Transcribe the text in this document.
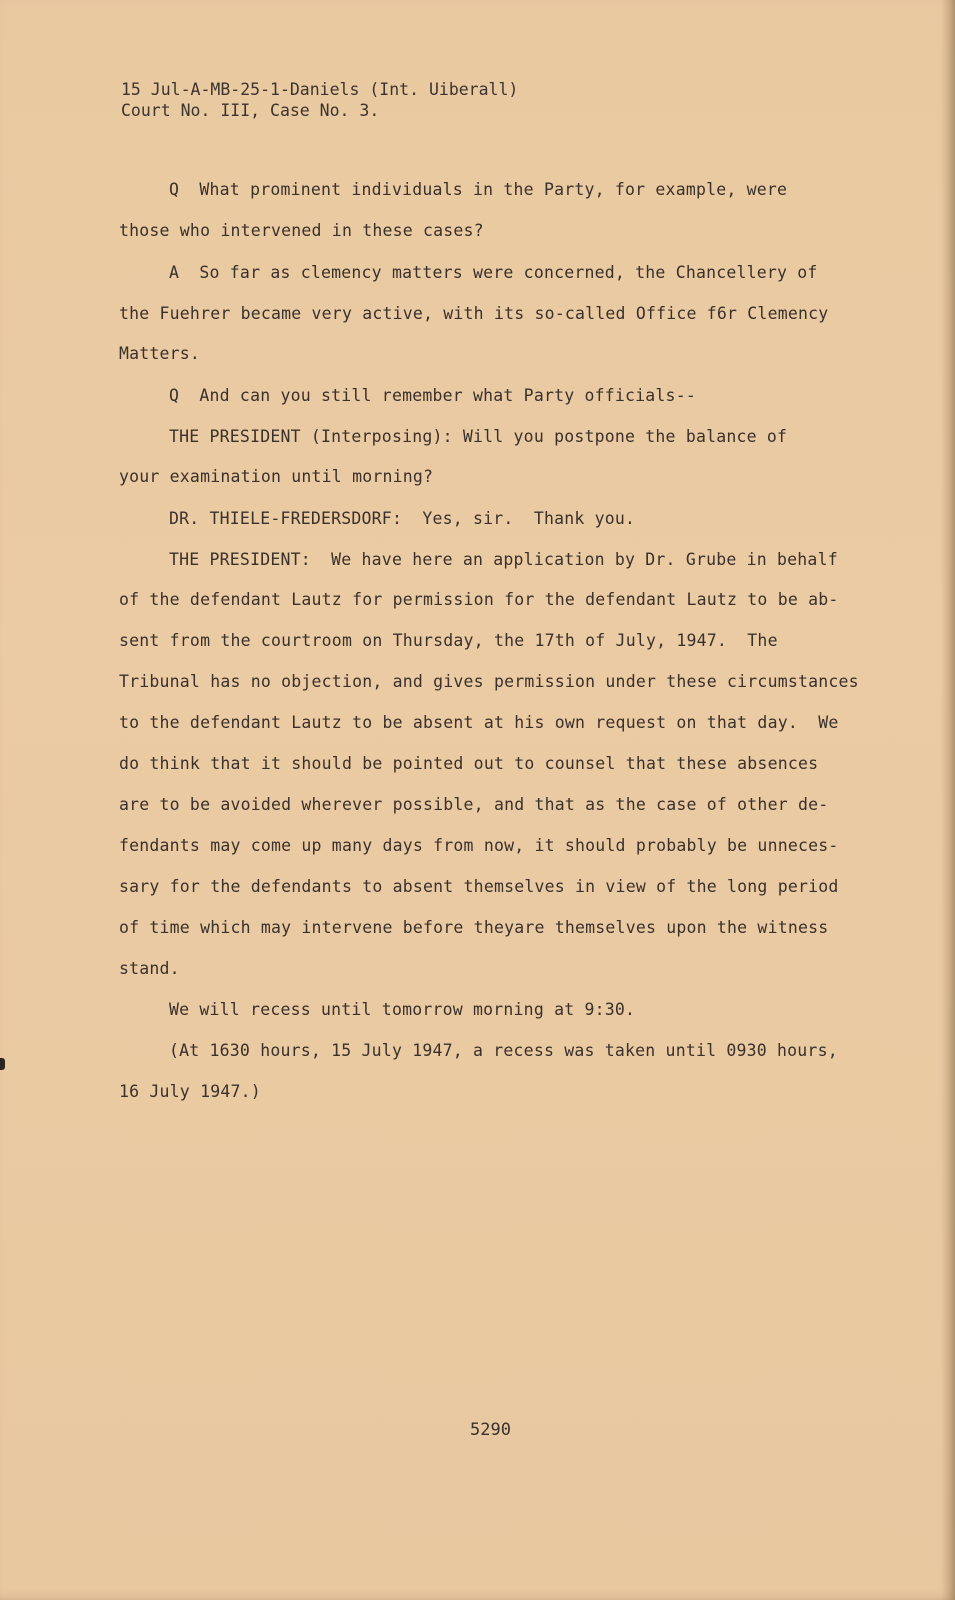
15 Jul-A-MB-25-1-Daniels (Int. Uiberall)
Court No. III, Case No. 3.
Q  What prominent individuals in the Party, for example, were
those who intervened in these cases?
A  So far as clemency matters were concerned, the Chancellery of
the Fuehrer became very active, with its so-called Office f6r Clemency
Matters.
Q  And can you still remember what Party officials--
THE PRESIDENT (Interposing): Will you postpone the balance of
your examination until morning?
DR. THIELE-FREDERSDORF:  Yes, sir.  Thank you.
THE PRESIDENT:  We have here an application by Dr. Grube in behalf
of the defendant Lautz for permission for the defendant Lautz to be ab-
sent from the courtroom on Thursday, the 17th of July, 1947.  The
Tribunal has no objection, and gives permission under these circumstances
to the defendant Lautz to be absent at his own request on that day.  We
do think that it should be pointed out to counsel that these absences
are to be avoided wherever possible, and that as the case of other de-
fendants may come up many days from now, it should probably be unneces-
sary for the defendants to absent themselves in view of the long period
of time which may intervene before theyare themselves upon the witness
stand.
We will recess until tomorrow morning at 9:30.
(At 1630 hours, 15 July 1947, a recess was taken until 0930 hours,
16 July 1947.)
5290
